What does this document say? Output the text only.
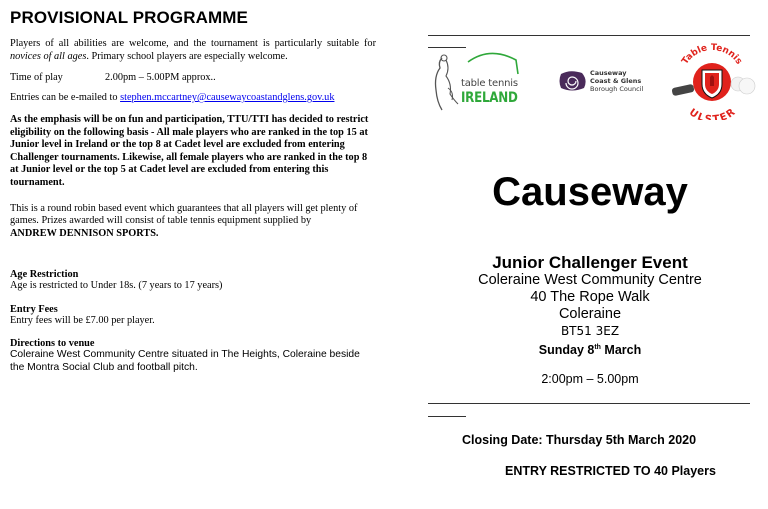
PROVISIONAL PROGRAMME

Players of all abilities are welcome, and the tournament is particularly suitable for novices of all ages. Primary school players are especially welcome.

Time of play	2.00pm – 5.00PM approx..
Entries can be e-mailed to stephen.mccartney@causewaycoastandglens.gov.uk
As the emphasis will be on fun and participation, TTU/TTI has decided to restrict eligibility on the following basis - All male players who are ranked in the top 15 at Junior level in Ireland or the top 8 at Cadet level are excluded from entering Challenger tournaments. Likewise, all female players who are ranked in the top 8 at Junior level or the top 5 at Cadet level are excluded from entering this tournament.
This is a round robin based event which guarantees that all players will get plenty of games. Prizes awarded will consist of table tennis equipment supplied by
ANDREW DENNISON SPORTS.
Age Restriction
Age is restricted to Under 18s. (7 years to 17 years)
Entry Fees
Entry fees will be £7.00 per player.
Directions to venue
Coleraine West Community Centre situated in The Heights, Coleraine beside the Montra Social Club and football pitch.
table tennis
IRELAND
Causeway
Coast & Glens
Borough Council
Table Tennis
ULSTER
Causeway
Junior Challenger Event
Coleraine West Community Centre
40 The Rope Walk
Coleraine
BT51 3EZ
Sunday 8th March
2:00pm – 5.00pm
Closing Date: Thursday 5th March 2020
ENTRY RESTRICTED TO 40 Players
